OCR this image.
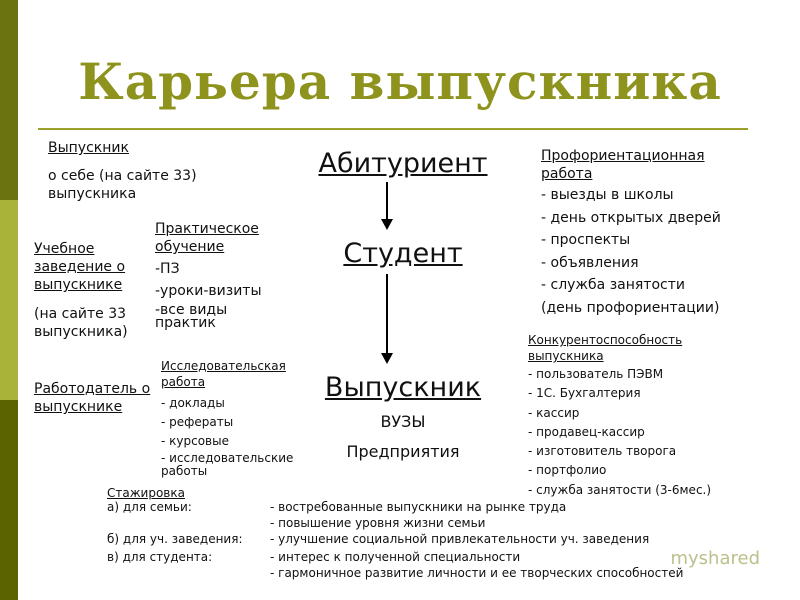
Карьера выпускника
Выпускник
о себе (на сайте 33) выпускника
Учебное заведение о выпускнике
(на сайте 33 выпускника)
Работодатель о выпускнике
Практическое обучение
-ПЗ
-уроки-визиты
-все виды практик
Исследовательская работа
- доклады
- рефераты
- курсовые
- исследовательские работы
Абитуриент
Студент
Выпускник
ВУЗЫ
Предприятия
Профориентационная работа
- выезды в школы
- день открытых дверей
- проспекты
- объявления
- служба занятости
(день профориентации)
Конкурентоспособность выпускника
- пользователь ПЭВМ
- 1С. Бухгалтерия
- кассир
- продавец-кассир
- изготовитель творога
- портфолио
- служба занятости (3-6мес.)
Стажировка
а) для семьи:	- востребованные выпускники на рынке труда
- повышение уровня жизни семьи
б) для уч. заведения: - улучшение социальной привлекательности уч. заведения
в) для студента:	- интерес к полученной специальности
- гармоничное развитие личности и ее творческих способностей
myshared
